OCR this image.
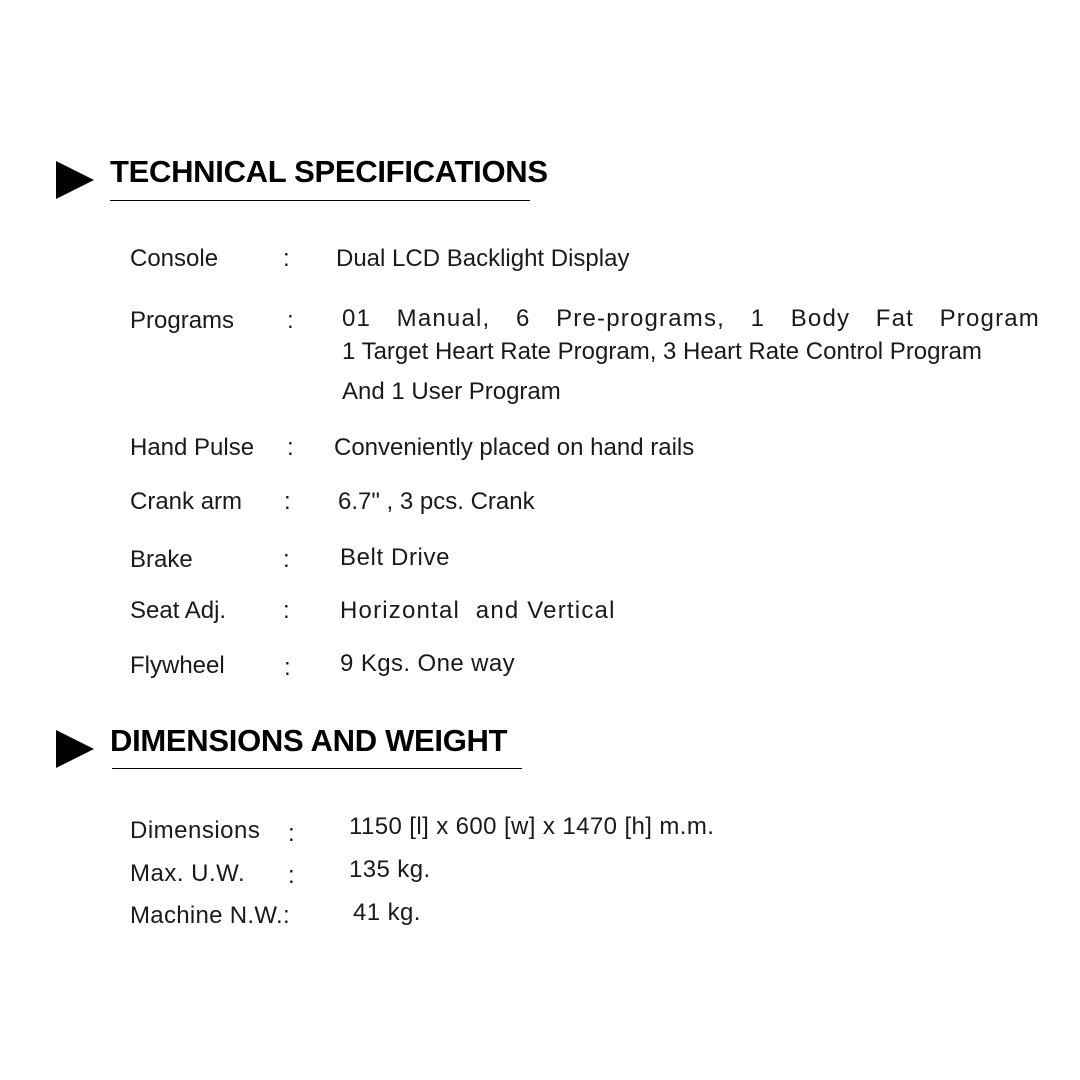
TECHNICAL SPECIFICATIONS
Console	: Dual LCD Backlight Display
Programs : 01 Manual, 6 Pre-programs, 1 Body Fat Program
1 Target Heart Rate Program, 3 Heart Rate Control Program
And 1 User Program
Hand Pulse : Conveniently placed on hand rails
Crank arm : 6.7" , 3 pcs. Crank
Brake	: Belt Drive
Seat Adj. : Horizontal  and Vertical
Flywheel : 9 Kgs. One way
DIMENSIONS AND WEIGHT
Dimensions : 1150 [l] x 600 [w] x 1470 [h] m.m.
Max. U.W. : 135 kg.
Machine N.W.:	41 kg.
